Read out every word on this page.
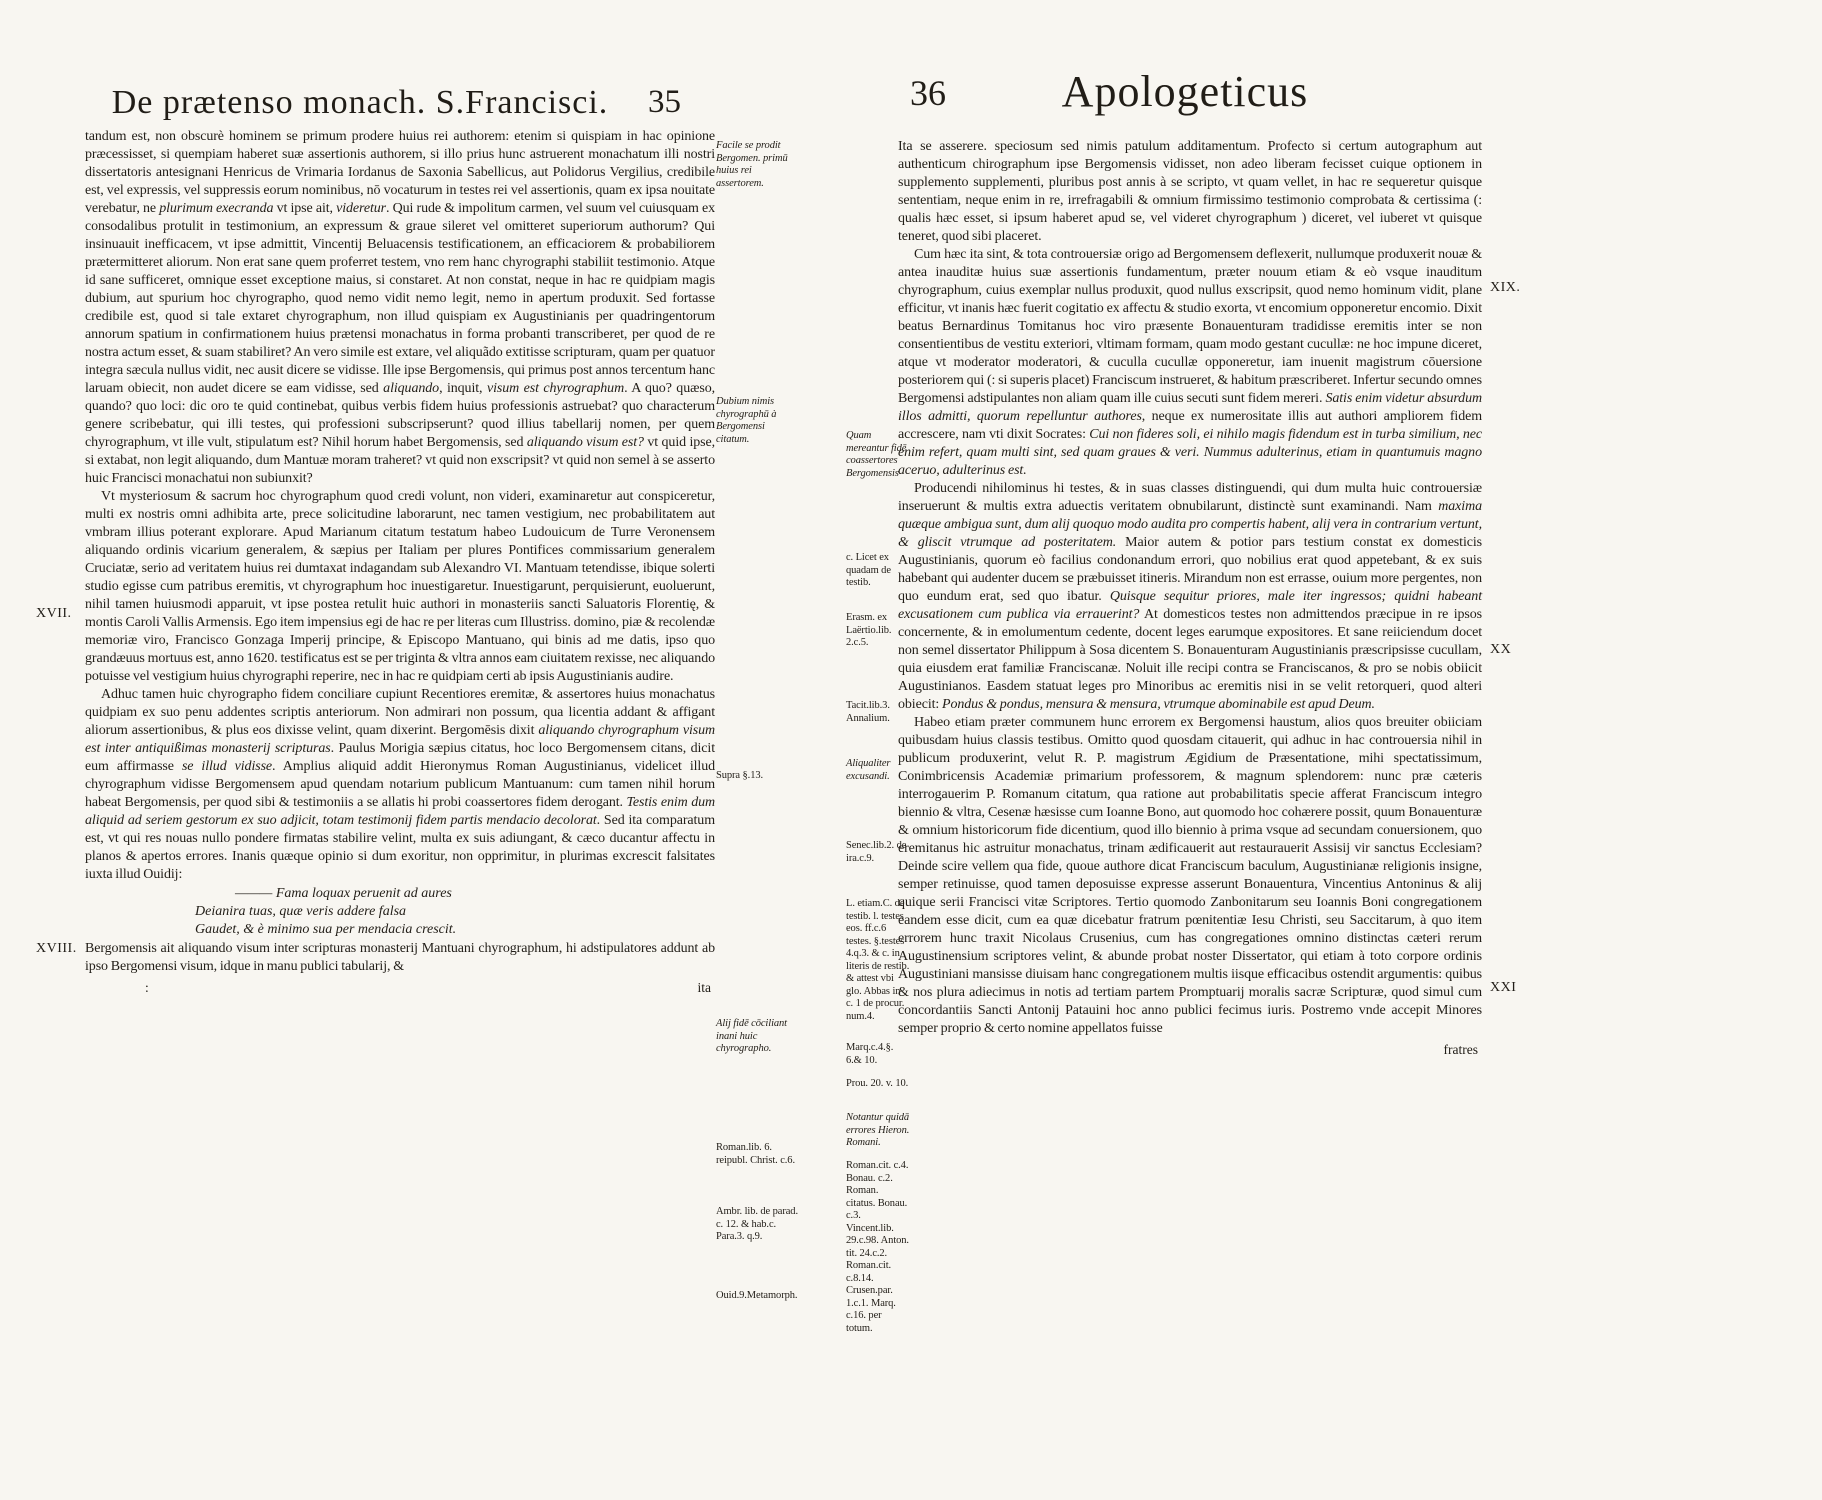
De prætenso monach. S.Francisci.	35	36	Apologeticus
XVII.
XVIII.

tandum est, non obscurè hominem se primum prodere huius rei authorem: etenim si quispiam in hac opinione præcessisset, si quempiam haberet suæ assertionis authorem, si illo prius hunc astruerent monachatum illi nostri dissertatoris antesignani Henricus de Vrimaria Iordanus de Saxonia Sabellicus, aut Polidorus Vergilius, credibile est, vel expressis, vel suppressis eorum nominibus, nō vocaturum in testes rei vel assertionis, quam ex ipsa nouitate verebatur, ne plurimum execranda vt ipse ait, videretur. Qui rude & impolitum carmen, vel suum vel cuiusquam ex consodalibus protulit in testimonium, an expressum & graue sileret vel omitteret superiorum authorum? Qui insinuauit inefficacem, vt ipse admittit, Vincentij Beluacensis testificationem, an efficaciorem & probabiliorem prætermitteret aliorum. Non erat sane quem proferret testem, vno rem hanc chyrographi stabiliit testimonio. Atque id sane sufficeret, omnique esset exceptione maius, si constaret. At non constat, neque in hac re quidpiam magis dubium, aut spurium hoc chyrographo, quod nemo vidit nemo legit, nemo in apertum produxit. Sed fortasse credibile est, quod si tale extaret chyrographum, non illud quispiam ex Augustinianis per quadringentorum annorum spatium in confirmationem huius prætensi monachatus in forma probanti transcriberet, per quod de re nostra actum esset, & suam stabiliret? An vero simile est extare, vel aliquãdo extitisse scripturam, quam per quatuor integra sæcula nullus vidit, nec ausit dicere se vidisse. Ille ipse Bergomensis, qui primus post annos tercentum hanc laruam obiecit, non audet dicere se eam vidisse, sed aliquando, inquit, visum est chyrographum. A quo? quæso, quando? quo loci: dic oro te quid continebat, quibus verbis fidem huius professionis astruebat? quo characterum genere scribebatur, qui illi testes, qui professioni subscripserunt? quod illius tabellarij nomen, per quem chyrographum, vt ille vult, stipulatum est? Nihil horum habet Bergomensis, sed aliquando visum est? vt quid ipse, si extabat, non legit aliquando, dum Mantuæ moram traheret? vt quid non exscripsit? vt quid non semel à se asserto huic Francisci monachatui non subiunxit?

Vt mysteriosum & sacrum hoc chyrographum quod credi volunt, non videri, examinaretur aut conspiceretur, multi ex nostris omni adhibita arte, prece solicitudine laborarunt, nec tamen vestigium, nec probabilitatem aut vmbram illius poterant explorare. Apud Marianum citatum testatum habeo Ludouicum de Turre Veronensem aliquando ordinis vicarium generalem, & sæpius per Italiam per plures Pontifices commissarium generalem Cruciatæ, serio ad veritatem huius rei dumtaxat indagandam sub Alexandro VI. Mantuam tetendisse, ibique solerti studio egisse cum patribus eremitis, vt chyrographum hoc inuestigaretur. Inuestigarunt, perquisierunt, euoluerunt, nihil tamen huiusmodi apparuit, vt ipse postea retulit huic authori in monasteriis sancti Saluatoris Florentię, & montis Caroli Vallis Armensis. Ego item impensius egi de hac re per literas cum Illustriss. domino, piæ & recolendæ memoriæ viro, Francisco Gonzaga Imperij principe, & Episcopo Mantuano, qui binis ad me datis, ipso quo grandæuus mortuus est, anno 1620. testificatus est se per triginta & vltra annos eam ciuitatem rexisse, nec aliquando potuisse vel vestigium huius chyrographi reperire, nec in hac re quidpiam certi ab ipsis Augustinianis audire.

Adhuc tamen huic chyrographo fidem conciliare cupiunt Recentiores eremitæ, & assertores huius monachatus quidpiam ex suo penu addentes scriptis anteriorum. Non admirari non possum, qua licentia addant & affigant aliorum assertionibus, & plus eos dixisse velint, quam dixerint. Bergomēsis dixit aliquando chyrographum visum est inter antiquißimas monasterij scripturas. Paulus Morigia sæpius citatus, hoc loco Bergomensem citans, dicit eum affirmasse se illud vidisse. Amplius aliquid addit Hieronymus Roman Augustinianus, videlicet illud chyrographum vidisse Bergomensem apud quendam notarium publicum Mantuanum: cum tamen nihil horum habeat Bergomensis, per quod sibi & testimoniis a se allatis hi probi coassertores fidem derogant. Testis enim dum aliquid ad seriem gestorum ex suo adjicit, totam testimonij fidem partis mendacio decolorat. Sed ita comparatum est, vt qui res nouas nullo pondere firmatas stabilire velint, multa ex suis adiungant, & cæco ducantur affectu in planos & apertos errores. Inanis quæque opinio si dum exoritur, non opprimitur, in plurimas excrescit falsitates iuxta illud Ouidij:

——— Fama loquax peruenit ad aures
Deianira tuas, quæ veris addere falsa
Gaudet, & è minimo sua per mendacia crescit.

Bergomensis ait aliquando visum inter scripturas monasterij Mantuani chyrographum, hi adstipulatores addunt ab ipso Bergomensi visum, idque in manu publici tabularij, &

:	ita
Facile se prodit Bergomen. primū huius rei assertorem.
Dubium nimis chyrographū à Bergomensi citatum.
Supra §.13.
Alij fidē cōciliant inani huic chyrographo.
Roman.lib. 6. reipubl. Christ. c.6.
Ambr. lib. de parad. c. 12. & hab.c. Para.3. q.9.
Ouid.9.Metamorph.
Quam mereantur fidē coassertores Bergomensis
c. Licet ex quadam de testib.
Erasm. ex Laërtio.lib. 2.c.5.
Tacit.lib.3. Annalium.
Aliqualiter excusandi.
Senec.lib.2. de ira.c.9.
L. etiam.C. de testib. l. testes eos. ff.c.6 testes. §.testes 4.q.3. & c. in literis de restib. & attest vbi glo. Abbas in c. 1 de procur. num.4.
Marq.c.4.§. 6.& 10.
Prou. 20. v. 10.
Notantur quidā errores Hieron. Romani.
Roman.cit. c.4. Bonau. c.2. Roman. citatus. Bonau. c.3. Vincent.lib. 29.c.98. Anton. tit. 24.c.2. Roman.cit. c.8.14. Crusen.par. 1.c.1. Marq. c.16. per totum.

Ita se asserere. speciosum sed nimis patulum additamentum. Profecto si certum autographum aut authenticum chirographum ipse Bergomensis vidisset, non adeo liberam fecisset cuique optionem in supplemento supplementi, pluribus post annis à se scripto, vt quam vellet, in hac re sequeretur quisque sententiam, neque enim in re, irrefragabili & omnium firmissimo testimonio comprobata & certissima (: qualis hæc esset, si ipsum haberet apud se, vel videret chyrographum ) diceret, vel iuberet vt quisque teneret, quod sibi placeret.

Cum hæc ita sint, & tota controuersiæ origo ad Bergomensem deflexerit, nullumque produxerit nouæ & antea inauditæ huius suæ assertionis fundamentum, præter nouum etiam & eò vsque inauditum chyrographum, cuius exemplar nullus produxit, quod nullus exscripsit, quod nemo hominum vidit, plane efficitur, vt inanis hæc fuerit cogitatio ex affectu & studio exorta, vt encomium opponeretur encomio. Dixit beatus Bernardinus Tomitanus hoc viro præsente Bonauenturam tradidisse eremitis inter se non consentientibus de vestitu exteriori, vltimam formam, quam modo gestant cucullæ: ne hoc impune diceret, atque vt moderator moderatori, & cuculla cucullæ opponeretur, iam inuenit magistrum cōuersione posteriorem qui (: si superis placet) Franciscum instrueret, & habitum præscriberet. Infertur secundo omnes Bergomensi adstipulantes non aliam quam ille cuius secuti sunt fidem mereri. Satis enim videtur absurdum illos admitti, quorum repelluntur authores, neque ex numerositate illis aut authori ampliorem fidem accrescere, nam vti dixit Socrates: Cui non fideres soli, ei nihilo magis fidendum est in turba similium, nec enim refert, quam multi sint, sed quam graues & veri. Nummus adulterinus, etiam in quantumuis magno aceruo, adulterinus est.

Producendi nihilominus hi testes, & in suas classes distinguendi, qui dum multa huic controuersiæ inseruerunt & multis extra aduectis veritatem obnubilarunt, distinctè sunt examinandi. Nam maxima quæque ambigua sunt, dum alij quoquo modo audita pro compertis habent, alij vera in contrarium vertunt, & gliscit vtrumque ad posteritatem. Maior autem & potior pars testium constat ex domesticis Augustinianis, quorum eò facilius condonandum errori, quo nobilius erat quod appetebant, & ex suis habebant qui audenter ducem se præbuisset itineris. Mirandum non est errasse, ouium more pergentes, non quo eundum erat, sed quo ibatur. Quisque sequitur priores, male iter ingressos; quidni habeant excusationem cum publica via errauerint? At domesticos testes non admittendos præcipue in re ipsos concernente, & in emolumentum cedente, docent leges earumque expositores. Et sane reiiciendum docet non semel dissertator Philippum à Sosa dicentem S. Bonauenturam Augustinianis præscripsisse cucullam, quia eiusdem erat familiæ Franciscanæ. Noluit ille recipi contra se Franciscanos, & pro se nobis obiicit Augustinianos. Easdem statuat leges pro Minoribus ac eremitis nisi in se velit retorqueri, quod alteri obiecit: Pondus & pondus, mensura & mensura, vtrumque abominabile est apud Deum.

Habeo etiam præter communem hunc errorem ex Bergomensi haustum, alios quos breuiter obiiciam quibusdam huius classis testibus. Omitto quod quosdam citauerit, qui adhuc in hac controuersia nihil in publicum produxerint, velut R. P. magistrum Ægidium de Præsentatione, mihi spectatissimum, Conimbricensis Academiæ primarium professorem, & magnum splendorem: nunc præ cæteris interrogauerim P. Romanum citatum, qua ratione aut probabilitatis specie afferat Franciscum integro biennio & vltra, Cesenæ hæsisse cum Ioanne Bono, aut quomodo hoc cohærere possit, quum Bonauenturæ & omnium historicorum fide dicentium, quod illo biennio à prima vsque ad secundam conuersionem, quo eremitanus hic astruitur monachatus, trinam ædificauerit aut restaurauerit Assisij vir sanctus Ecclesiam? Deinde scire vellem qua fide, quoue authore dicat Franciscum baculum, Augustinianæ religionis insigne, semper retinuisse, quod tamen deposuisse expresse asserunt Bonauentura, Vincentius Antoninus & alij quique serii Francisci vitæ Scriptores. Tertio quomodo Zanbonitarum seu Ioannis Boni congregationem eandem esse dicit, cum ea quæ dicebatur fratrum pœnitentiæ Iesu Christi, seu Saccitarum, à quo item errorem hunc traxit Nicolaus Crusenius, cum has congregationes omnino distinctas cæteri rerum Augustinensium scriptores velint, & abunde probat noster Dissertator, qui etiam à toto corpore ordinis Augustiniani mansisse diuisam hanc congregationem multis iisque efficacibus ostendit argumentis: quibus & nos plura adiecimus in notis ad tertiam partem Promptuarij moralis sacræ Scripturæ, quod simul cum concordantiis Sancti Antonij Patauini hoc anno publici fecimus iuris. Postremo vnde accepit Minores semper proprio & certo nomine appellatos fuisse

fratres
XIX.
XX
XXI
